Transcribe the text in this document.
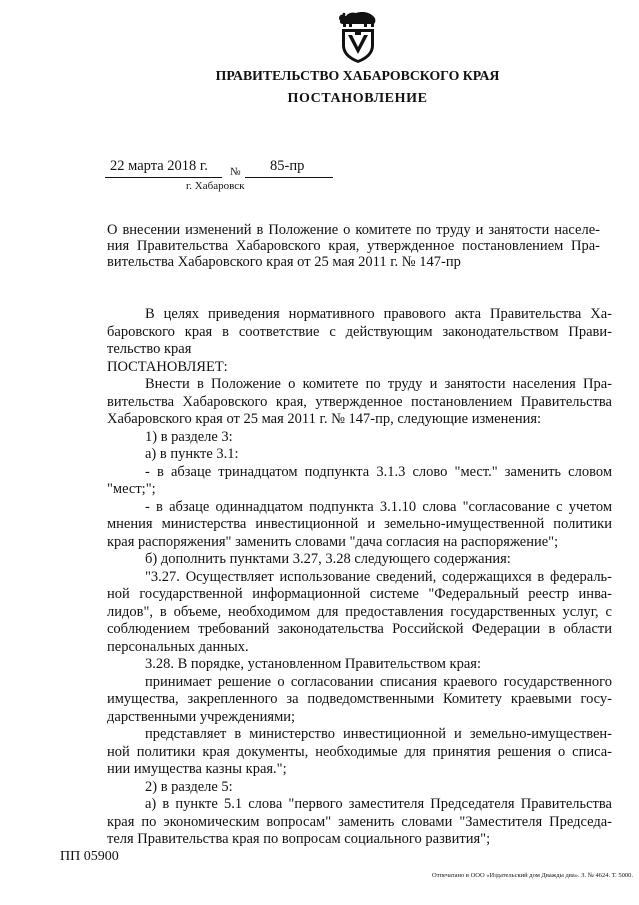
ПРАВИТЕЛЬСТВО ХАБАРОВСКОГО КРАЯ
ПОСТАНОВЛЕНИЕ
22 марта 2018 г. № 85-пр
г. Хабаровск
О внесении изменений в Положение о комитете по труду и занятости населе-
ния Правительства Хабаровского края, утвержденное постановлением Пра-
вительства Хабаровского края от 25 мая 2011 г. № 147-пр
В целях приведения нормативного правового акта Правительства Ха-
баровского края в соответствие с действующим законодательством Прави-
тельство края
ПОСТАНОВЛЯЕТ:
Внести в Положение о комитете по труду и занятости населения Пра-
вительства Хабаровского края, утвержденное постановлением Правительства
Хабаровского края от 25 мая 2011 г. № 147-пр, следующие изменения:
1) в разделе 3:
а) в пункте 3.1:
- в абзаце тринадцатом подпункта 3.1.3 слово "мест." заменить словом
"мест;";
- в абзаце одиннадцатом подпункта 3.1.10 слова "согласование с учетом
мнения министерства инвестиционной и земельно-имущественной политики
края распоряжения" заменить словами "дача согласия на распоряжение";
б) дополнить пунктами 3.27, 3.28 следующего содержания:
"3.27. Осуществляет использование сведений, содержащихся в федераль-
ной государственной информационной системе "Федеральный реестр инва-
лидов", в объеме, необходимом для предоставления государственных услуг, с
соблюдением требований законодательства Российской Федерации в области
персональных данных.
3.28. В порядке, установленном Правительством края:
принимает решение о согласовании списания краевого государственного
имущества, закрепленного за подведомственными Комитету краевыми госу-
дарственными учреждениями;
представляет в министерство инвестиционной и земельно-имуществен-
ной политики края документы, необходимые для принятия решения о списа-
нии имущества казны края.";
2) в разделе 5:
а) в пункте 5.1 слова "первого заместителя Председателя Правительства
края по экономическим вопросам" заменить словами "Заместителя Председа-
теля Правительства края по вопросам социального развития";
ПП 05900
Отпечатано в ООО «Издательский дом Дважды два». З. № 4624. Т. 5000.
